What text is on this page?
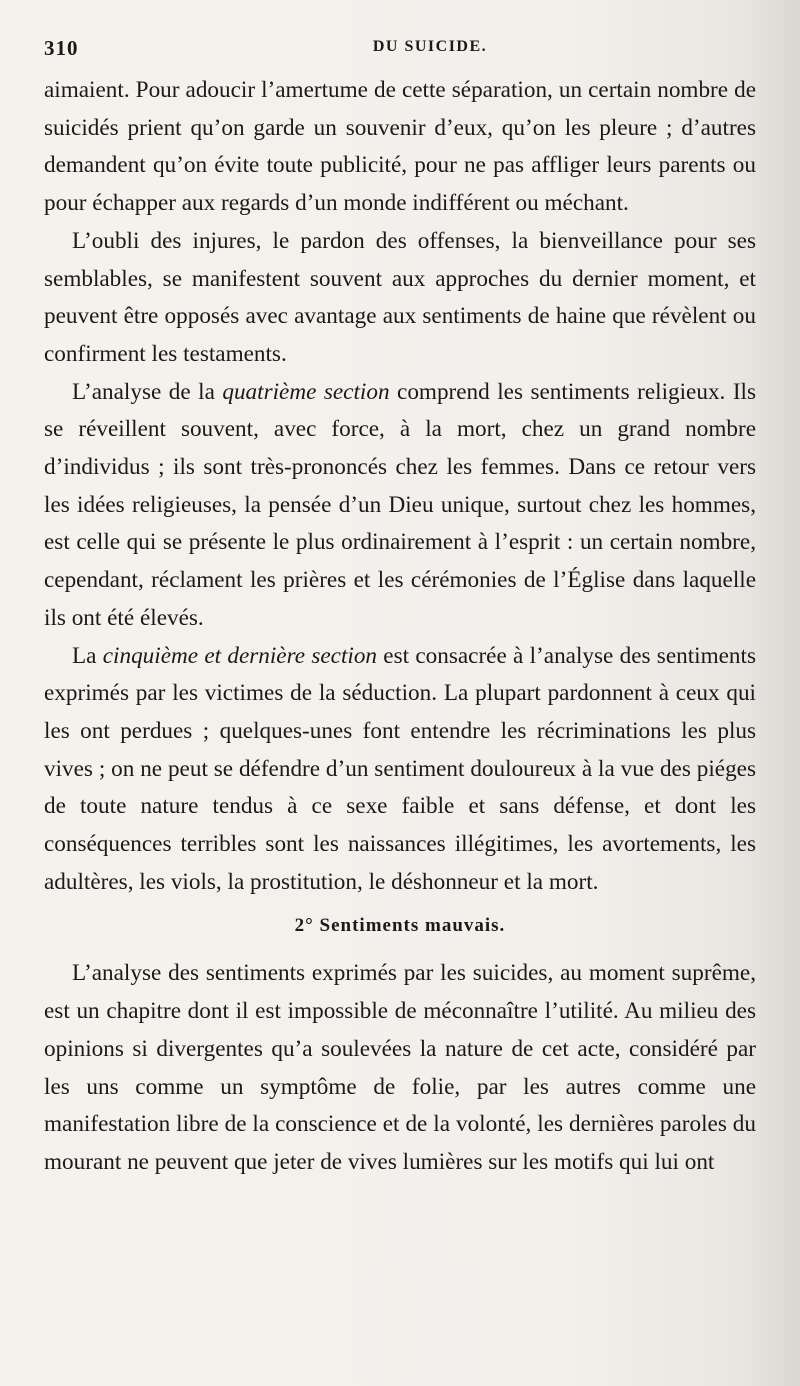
310	DU SUICIDE.

aimaient. Pour adoucir l’amertume de cette séparation, un certain nombre de suicidés prient qu’on garde un souvenir d’eux, qu’on les pleure ; d’autres demandent qu’on évite toute publicité, pour ne pas affliger leurs parents ou pour échapper aux regards d’un monde indifférent ou méchant.

L’oubli des injures, le pardon des offenses, la bienveillance pour ses semblables, se manifestent souvent aux approches du dernier moment, et peuvent être opposés avec avantage aux sentiments de haine que révèlent ou confirment les testaments.

L’analyse de la quatrième section comprend les sentiments religieux. Ils se réveillent souvent, avec force, à la mort, chez un grand nombre d’individus ; ils sont très-prononcés chez les femmes. Dans ce retour vers les idées religieuses, la pensée d’un Dieu unique, surtout chez les hommes, est celle qui se présente le plus ordinairement à l’esprit : un certain nombre, cependant, réclament les prières et les cérémonies de l’Église dans laquelle ils ont été élevés.

La cinquième et dernière section est consacrée à l’analyse des sentiments exprimés par les victimes de la séduction. La plupart pardonnent à ceux qui les ont perdues ; quelques-unes font entendre les récriminations les plus vives ; on ne peut se défendre d’un sentiment douloureux à la vue des piéges de toute nature tendus à ce sexe faible et sans défense, et dont les conséquences terribles sont les naissances illégitimes, les avortements, les adultères, les viols, la prostitution, le déshonneur et la mort.

2° Sentiments mauvais.

L’analyse des sentiments exprimés par les suicides, au moment suprême, est un chapitre dont il est impossible de méconnaître l’utilité. Au milieu des opinions si divergentes qu’a soulevées la nature de cet acte, considéré par les uns comme un symptôme de folie, par les autres comme une manifestation libre de la conscience et de la volonté, les dernières paroles du mourant ne peuvent que jeter de vives lumières sur les motifs qui lui ont
